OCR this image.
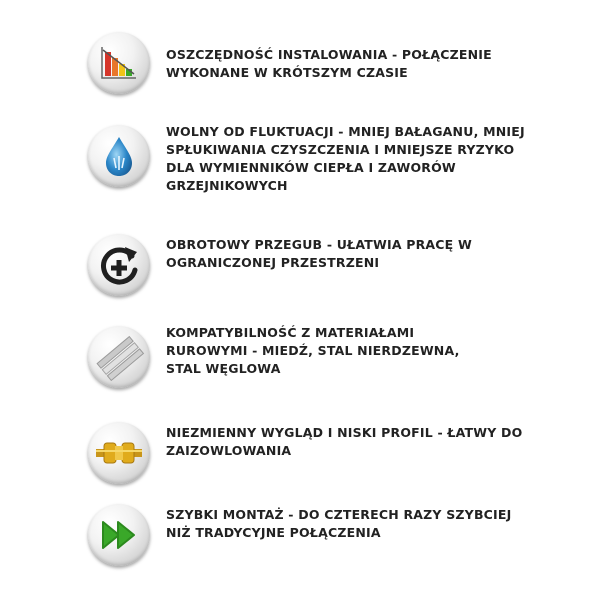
OSZCZĘDNOŚĆ INSTALOWANIA - POŁĄCZENIE
WYKONANE W KRÓTSZYM CZASIE
WOLNY OD FLUKTUACJI - MNIEJ BAŁAGANU, MNIEJ
SPŁUKIWANIA CZYSZCZENIA I MNIEJSZE RYZYKO
DLA WYMIENNIKÓW CIEPŁA I ZAWORÓW
GRZEJNIKOWYCH
OBROTOWY PRZEGUB - UŁATWIA PRACĘ W
OGRANICZONEJ PRZESTRZENI
KOMPATYBILNOŚĆ Z MATERIAŁAMI
RUROWYMI - MIEDŹ, STAL NIERDZEWNA,
STAL WĘGLOWA
NIEZMIENNY WYGLĄD I NISKI PROFIL - ŁATWY DO
ZAIZOWLOWANIA
SZYBKI MONTAŻ - DO CZTERECH RAZY SZYBCIEJ
NIŻ TRADYCYJNE POŁĄCZENIA
